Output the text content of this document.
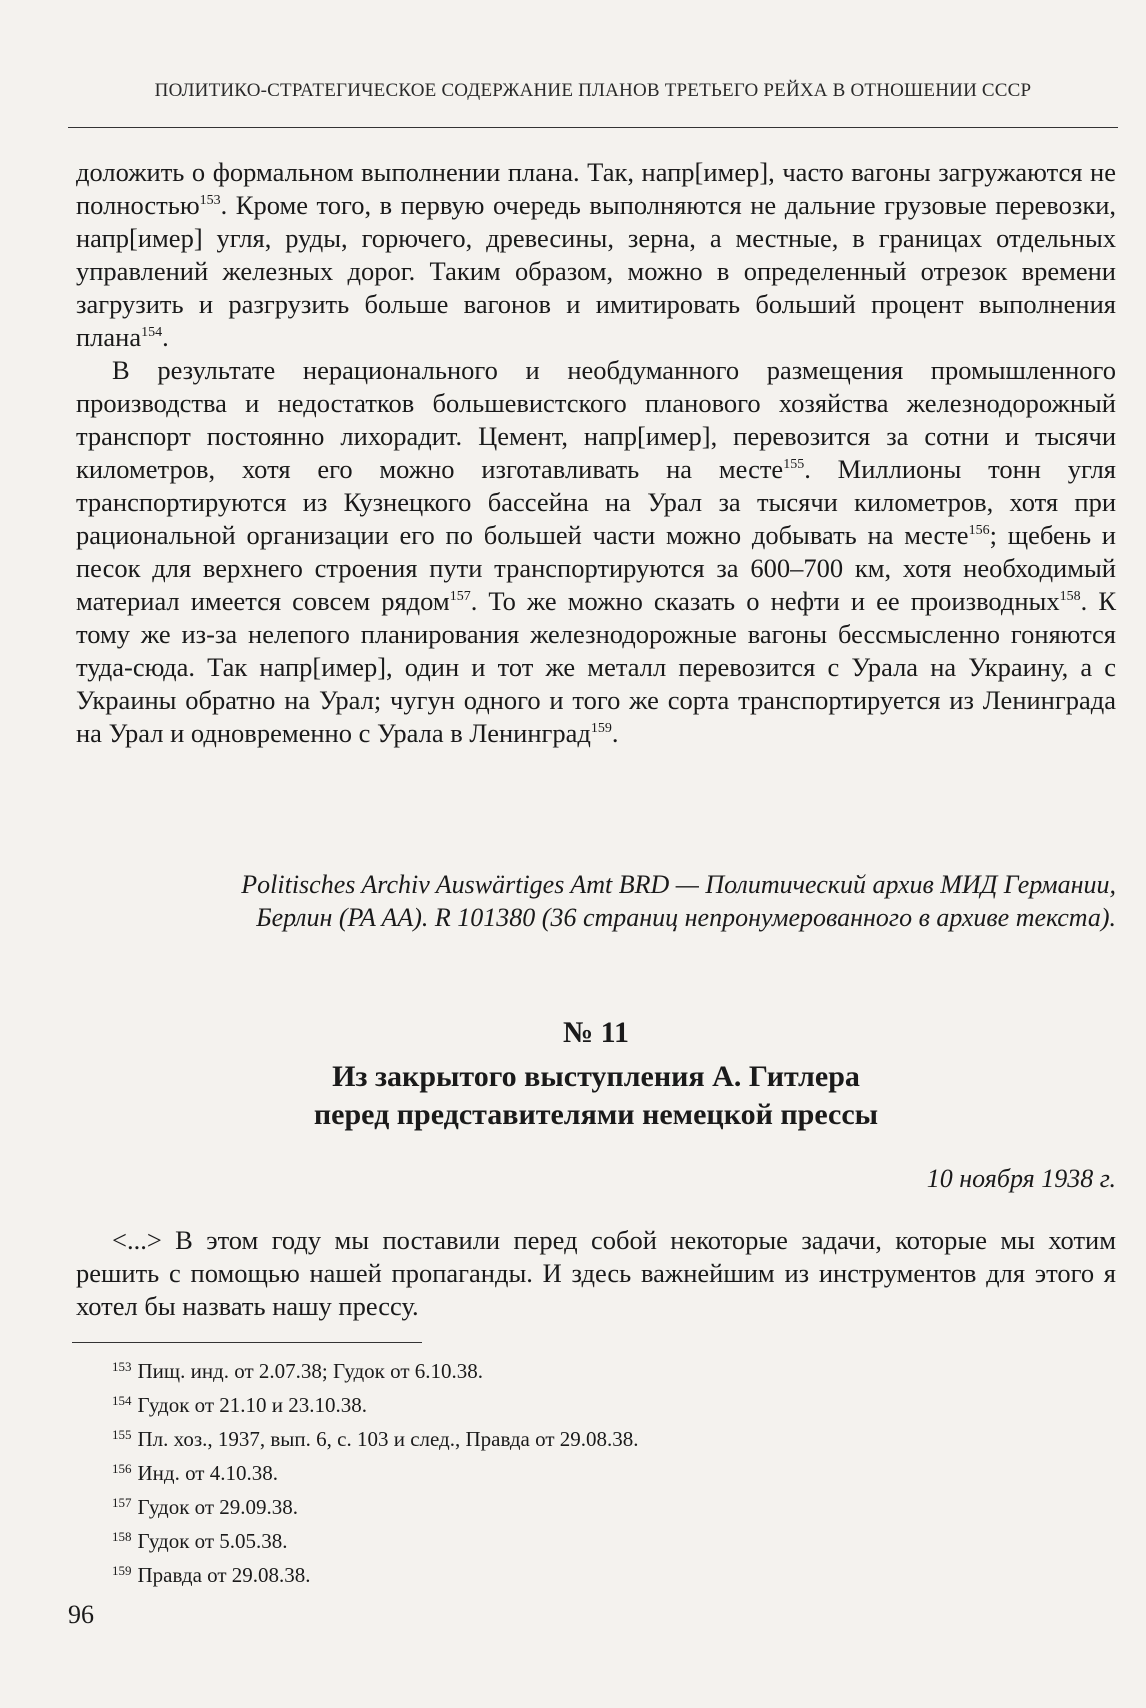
ПОЛИТИКО-СТРАТЕГИЧЕСКОЕ СОДЕРЖАНИЕ ПЛАНОВ ТРЕТЬЕГО РЕЙХА В ОТНОШЕНИИ СССР

доложить о формальном выполнении плана. Так, напр[имер], часто вагоны загружаются не полностью$^{153}$. Кроме того, в первую очередь выполняются не дальние грузовые перевозки, напр[имер] угля, руды, горючего, древесины, зерна, а местные, в границах отдельных управлений железных дорог. Таким образом, можно в определенный отрезок времени загрузить и разгрузить больше вагонов и имитировать больший процент выполнения плана$^{154}$.

В результате нерационального и необдуманного размещения промышленного производства и недостатков большевистского планового хозяйства железнодорожный транспорт постоянно лихорадит. Цемент, напр[имер], перевозится за сотни и тысячи километров, хотя его можно изготавливать на месте$^{155}$. Миллионы тонн угля транспортируются из Кузнецкого бассейна на Урал за тысячи километров, хотя при рациональной организации его по большей части можно добывать на месте$^{156}$; щебень и песок для верхнего строения пути транспортируются за 600–700 км, хотя необходимый материал имеется совсем рядом$^{157}$. То же можно сказать о нефти и ее производных$^{158}$. К тому же из-за нелепого планирования железнодорожные вагоны бессмысленно гоняются туда-сюда. Так напр[имер], один и тот же металл перевозится с Урала на Украину, а с Украины обратно на Урал; чугун одного и того же сорта транспортируется из Ленинграда на Урал и одновременно с Урала в Ленинград$^{159}$.

Politisches Archiv Auswärtiges Amt BRD — Политический архив МИД Германии, Берлин (PA AA). R 101380 (36 страниц непронумерованного в архиве текста).
№ 11
Из закрытого выступления А. Гитлера
перед представителями немецкой прессы
10 ноября 1938 г.
<...> В этом году мы поставили перед собой некоторые задачи, которые мы хотим решить с помощью нашей пропаганды. И здесь важнейшим из инструментов для этого я хотел бы назвать нашу прессу.
$^{153}$ Пищ. инд. от 2.07.38; Гудок от 6.10.38.
$^{154}$ Гудок от 21.10 и 23.10.38.
$^{155}$ Пл. хоз., 1937, вып. 6, с. 103 и след., Правда от 29.08.38.
$^{156}$ Инд. от 4.10.38.
$^{157}$ Гудок от 29.09.38.
$^{158}$ Гудок от 5.05.38.
$^{159}$ Правда от 29.08.38.
96
